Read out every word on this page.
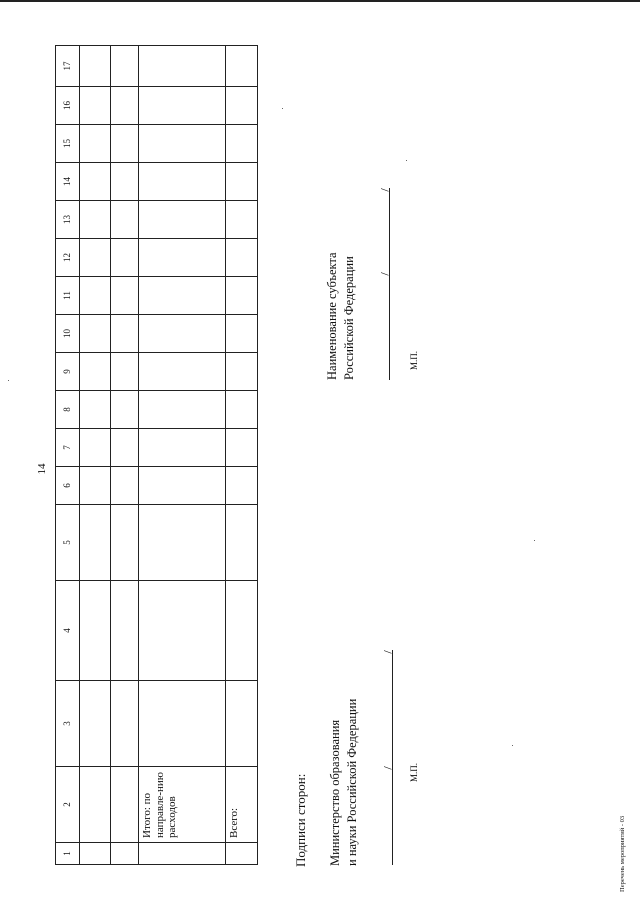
14
1	2	3	4	5	6	7	8	9	10	11	12	13	14	15	16	17

	Итого: по направле-нию расходов															

	Всего:															
																Подписи сторон: Министерство образования и науки Российской Федерации
Наименование субъекта Российской Федерации
/
/
/
/
М.П.
М.П.
Перечень мероприятий - 03
